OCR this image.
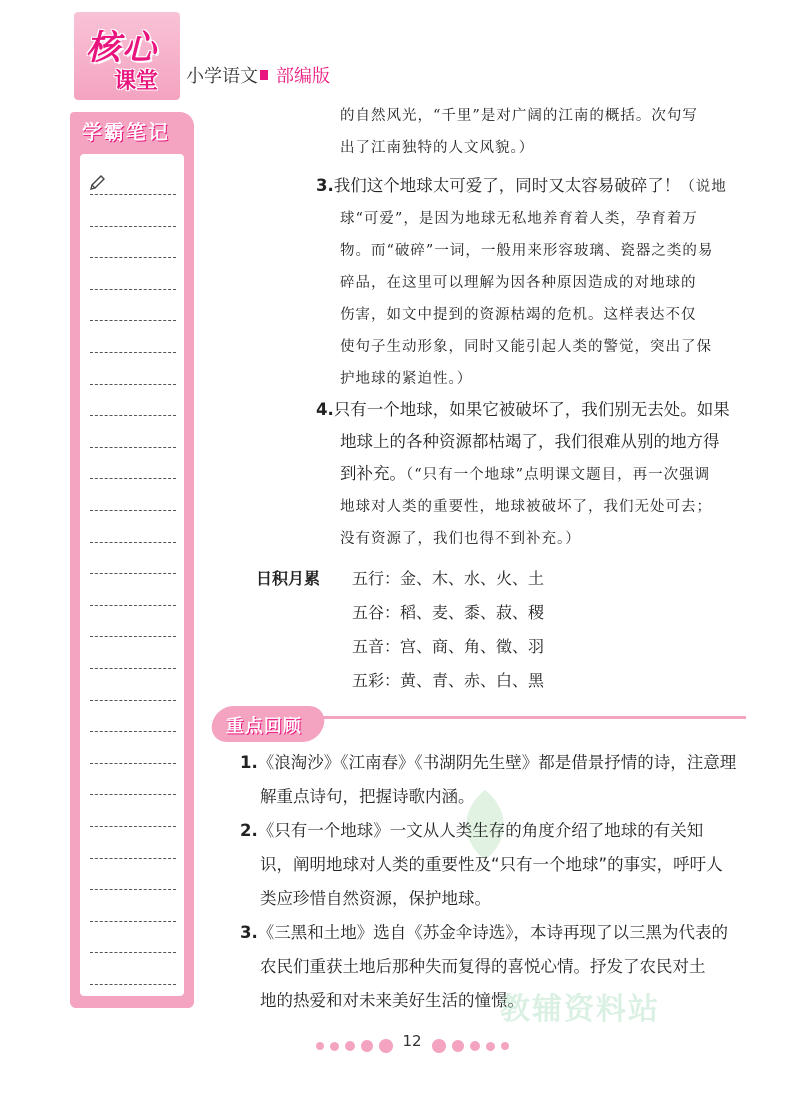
核心
课堂 小学语文 部编版
学霸笔记
的自然风光，“千里”是对广阔的江南的概括。次句写
出了江南独特的人文风貌。）
3.我们这个地球太可爱了，同时又太容易破碎了！（说地
球“可爱”，是因为地球无私地养育着人类，孕育着万
物。而“破碎”一词，一般用来形容玻璃、瓷器之类的易
碎品，在这里可以理解为因各种原因造成的对地球的
伤害，如文中提到的资源枯竭的危机。这样表达不仅
使句子生动形象，同时又能引起人类的警觉，突出了保
护地球的紧迫性。）
4.只有一个地球，如果它被破坏了，我们别无去处。如果
地球上的各种资源都枯竭了，我们很难从别的地方得
到补充。（“只有一个地球”点明课文题目，再一次强调
地球对人类的重要性，地球被破坏了，我们无处可去；
没有资源了，我们也得不到补充。）
日积月累 五行：金、木、水、火、土
五谷：稻、麦、黍、菽、稷
五音：宫、商、角、徵、羽
五彩：黄、青、赤、白、黑
重点回顾
1.《浪淘沙》《江南春》《书湖阴先生壁》都是借景抒情的诗，注意理
解重点诗句，把握诗歌内涵。
2.《只有一个地球》一文从人类生存的角度介绍了地球的有关知
识，阐明地球对人类的重要性及“只有一个地球”的事实，呼吁人
类应珍惜自然资源，保护地球。
3.《三黑和土地》选自《苏金伞诗选》，本诗再现了以三黑为代表的
农民们重获土地后那种失而复得的喜悦心情。抒发了农民对土
地的热爱和对未来美好生活的憧憬。
教辅资料站
12
